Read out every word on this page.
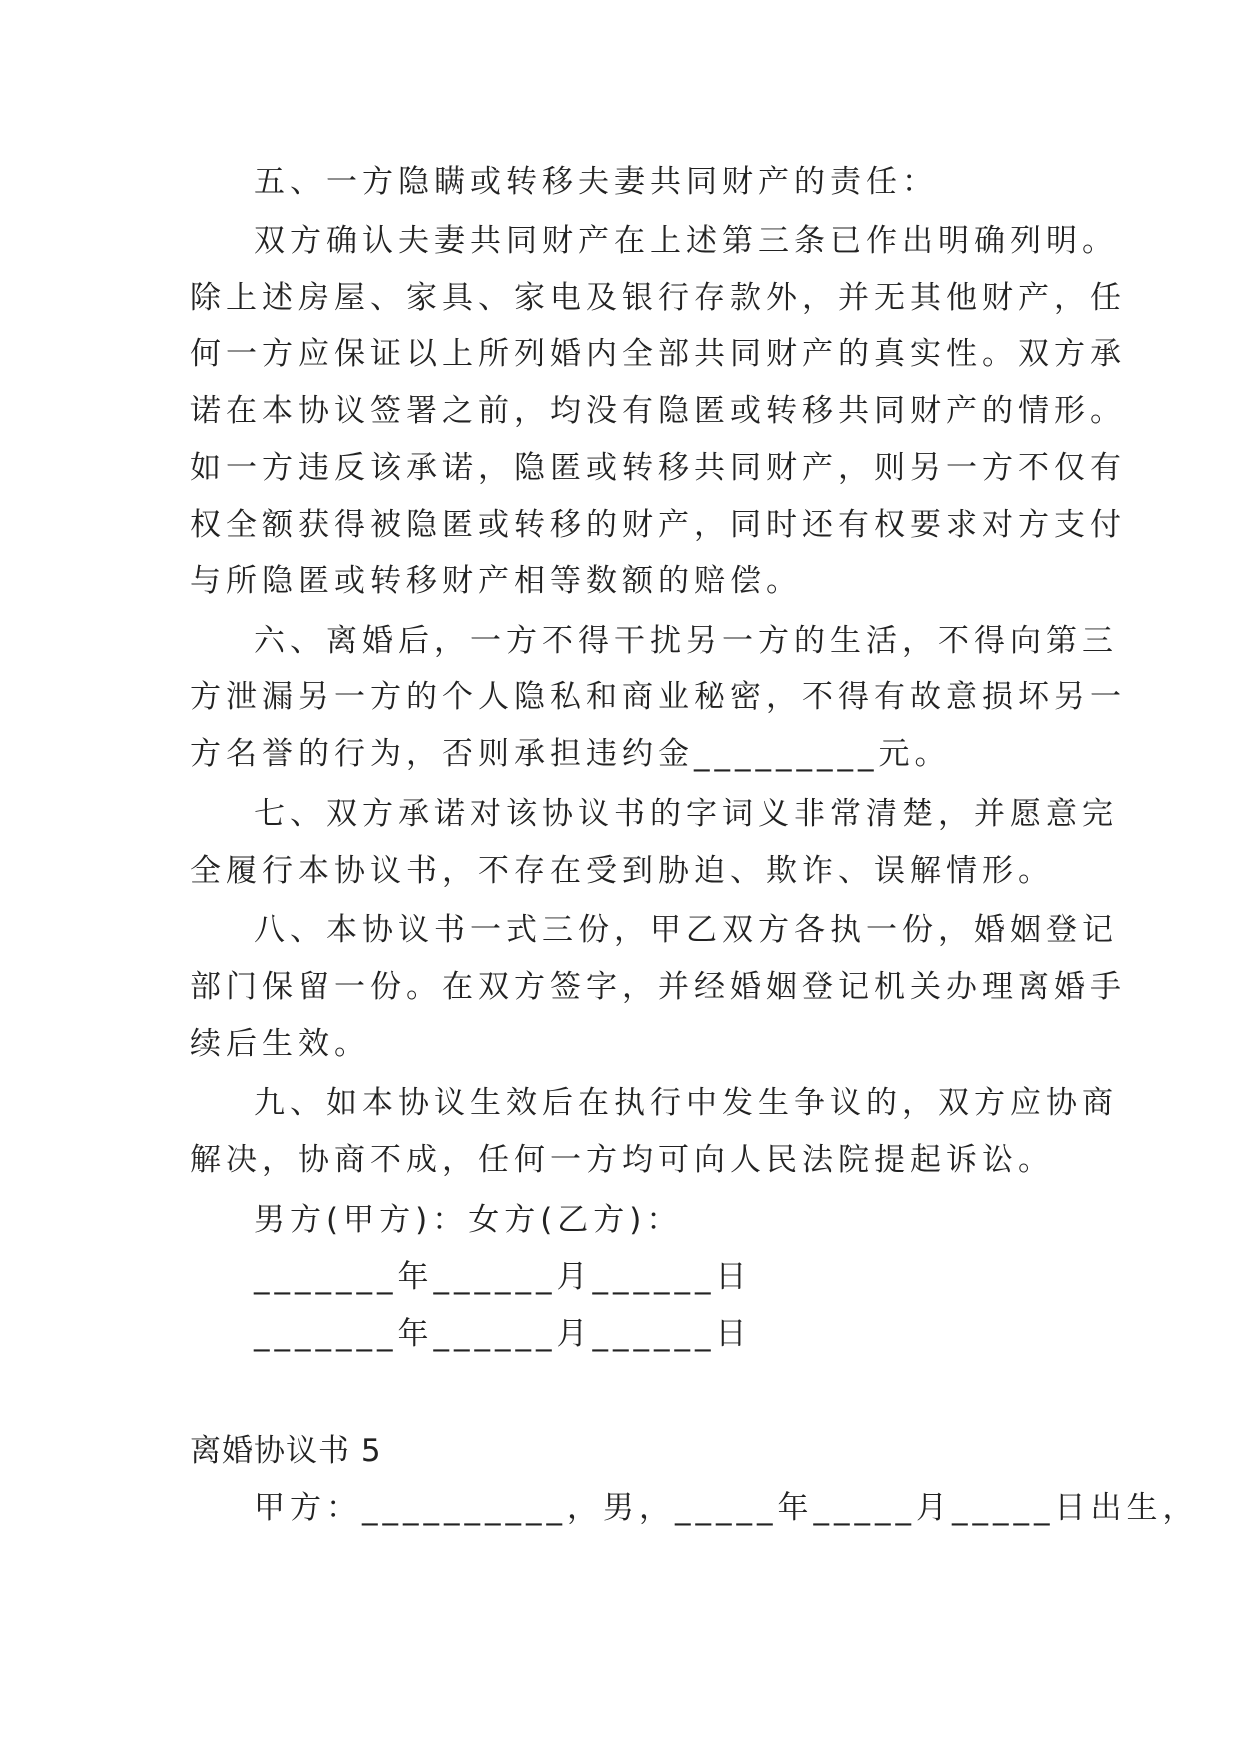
五、一方隐瞒或转移夫妻共同财产的责任：
双方确认夫妻共同财产在上述第三条已作出明确列明。
除上述房屋、家具、家电及银行存款外，并无其他财产，任
何一方应保证以上所列婚内全部共同财产的真实性。双方承
诺在本协议签署之前，均没有隐匿或转移共同财产的情形。
如一方违反该承诺，隐匿或转移共同财产，则另一方不仅有
权全额获得被隐匿或转移的财产，同时还有权要求对方支付
与所隐匿或转移财产相等数额的赔偿。
六、离婚后，一方不得干扰另一方的生活，不得向第三
方泄漏另一方的个人隐私和商业秘密，不得有故意损坏另一
方名誉的行为，否则承担违约金_________元。
七、双方承诺对该协议书的字词义非常清楚，并愿意完
全履行本协议书，不存在受到胁迫、欺诈、误解情形。
八、本协议书一式三份，甲乙双方各执一份，婚姻登记
部门保留一份。在双方签字，并经婚姻登记机关办理离婚手
续后生效。
九、如本协议生效后在执行中发生争议的，双方应协商
解决，协商不成，任何一方均可向人民法院提起诉讼。
男方(甲方)：女方(乙方)：
_______年______月______日
_______年______月______日
离婚协议书 5
甲方：__________，男，_____年_____月_____日出生，
